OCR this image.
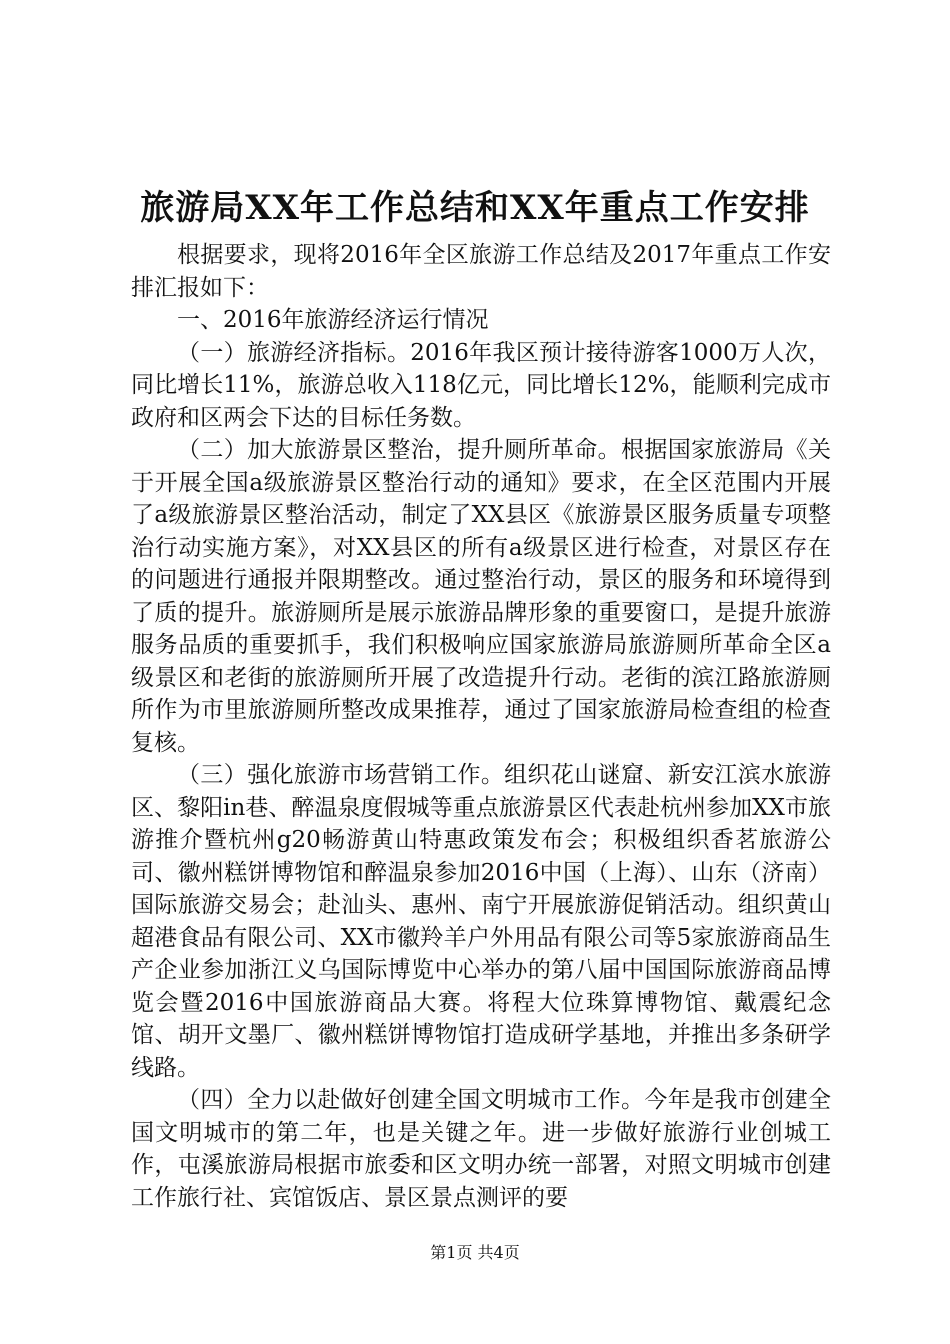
旅游局XX年工作总结和XX年重点工作安排

根据要求，现将2016年全区旅游工作总结及2017年重点工作安排汇报如下：

一、2016年旅游经济运行情况

（一）旅游经济指标。2016年我区预计接待游客1000万人次，同比增长11%，旅游总收入118亿元，同比增长12%，能顺利完成市政府和区两会下达的目标任务数。

（二）加大旅游景区整治，提升厕所革命。根据国家旅游局《关于开展全国a级旅游景区整治行动的通知》要求，在全区范围内开展了a级旅游景区整治活动，制定了XX县区《旅游景区服务质量专项整治行动实施方案》，对XX县区的所有a级景区进行检查，对景区存在的问题进行通报并限期整改。通过整治行动，景区的服务和环境得到了质的提升。旅游厕所是展示旅游品牌形象的重要窗口，是提升旅游服务品质的重要抓手，我们积极响应国家旅游局旅游厕所革命全区a级景区和老街的旅游厕所开展了改造提升行动。老街的滨江路旅游厕所作为市里旅游厕所整改成果推荐，通过了国家旅游局检查组的检查复核。

（三）强化旅游市场营销工作。组织花山谜窟、新安江滨水旅游区、黎阳in巷、醉温泉度假城等重点旅游景区代表赴杭州参加XX市旅游推介暨杭州g20畅游黄山特惠政策发布会；积极组织香茗旅游公司、徽州糕饼博物馆和醉温泉参加2016中国（上海）、山东（济南）国际旅游交易会；赴汕头、惠州、南宁开展旅游促销活动。组织黄山超港食品有限公司、XX市徽羚羊户外用品有限公司等5家旅游商品生产企业参加浙江义乌国际博览中心举办的第八届中国国际旅游商品博览会暨2016中国旅游商品大赛。将程大位珠算博物馆、戴震纪念馆、胡开文墨厂、徽州糕饼博物馆打造成研学基地，并推出多条研学线路。

（四）全力以赴做好创建全国文明城市工作。今年是我市创建全国文明城市的第二年，也是关键之年。进一步做好旅游行业创城工作，屯溪旅游局根据市旅委和区文明办统一部署，对照文明城市创建工作旅行社、宾馆饭店、景区景点测评的要

第1页 共4页
